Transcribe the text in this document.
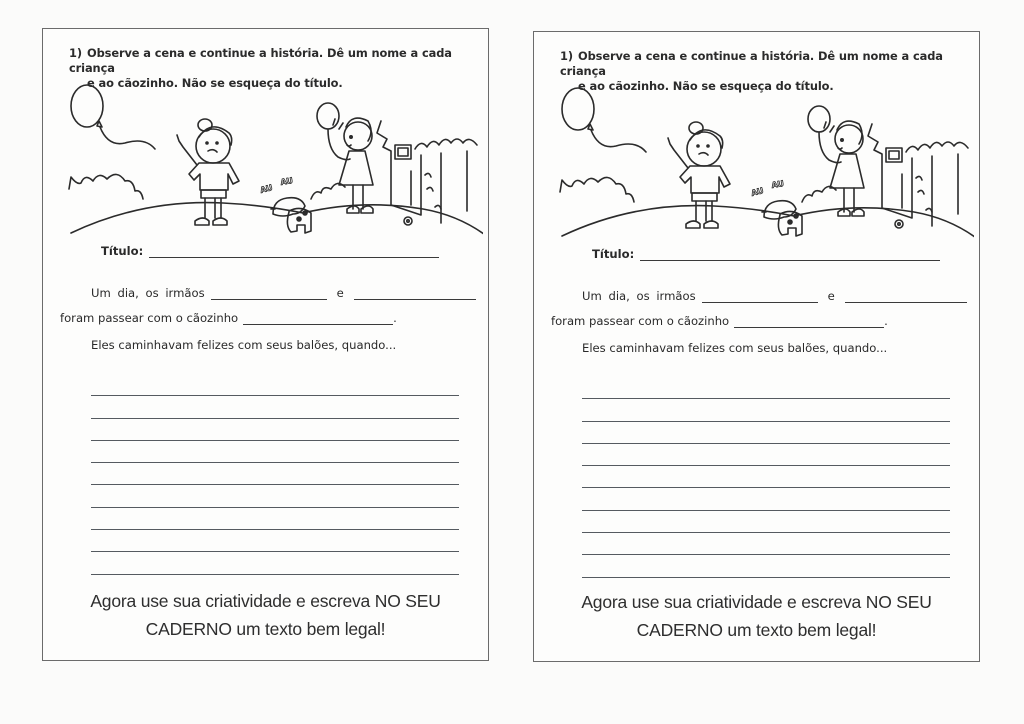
1) Observe a cena e continue a história. Dê um nome a cada criança
e ao cãozinho. Não se esqueça do título.
AU
AU
Título:
Um dia, os irmãos	e
foram passear com o cãozinho	.
Eles caminhavam felizes com seus balões, quando...
Agora use sua criatividade e escreva NO SEU
CADERNO um texto bem legal!
1) Observe a cena e continue a história. Dê um nome a cada criança
e ao cãozinho. Não se esqueça do título.
AU
AU
Título:
Um dia, os irmãos	e
foram passear com o cãozinho	.
Eles caminhavam felizes com seus balões, quando...
Agora use sua criatividade e escreva NO SEU
CADERNO um texto bem legal!
